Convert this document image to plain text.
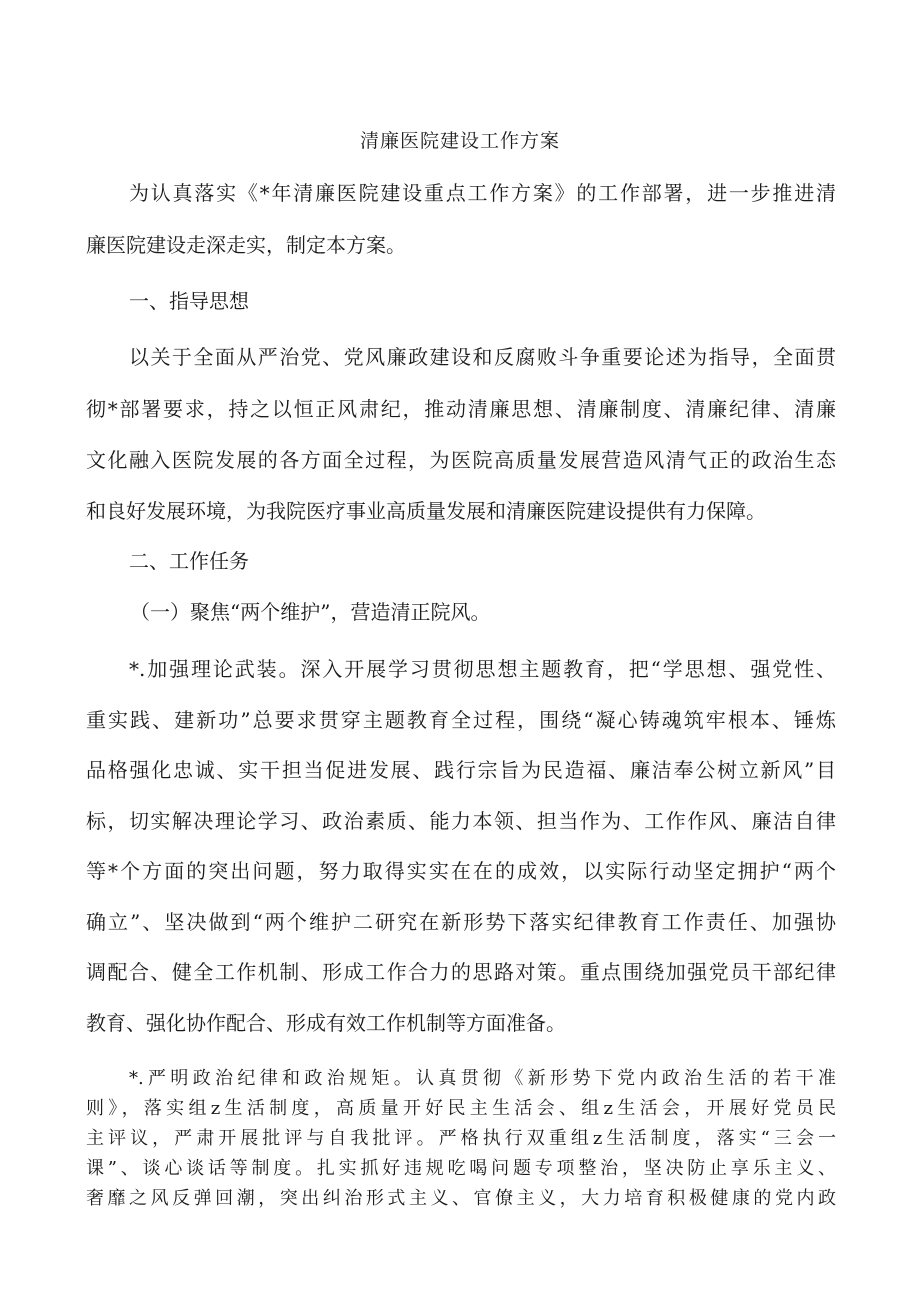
清廉医院建设工作方案
为认真落实《*年清廉医院建设重点工作方案》的工作部署，进一步推进清
廉医院建设走深走实，制定本方案。
一、指导思想
以关于全面从严治党、党风廉政建设和反腐败斗争重要论述为指导，全面贯
彻*部署要求，持之以恒正风肃纪，推动清廉思想、清廉制度、清廉纪律、清廉
文化融入医院发展的各方面全过程，为医院高质量发展营造风清气正的政治生态
和良好发展环境，为我院医疗事业高质量发展和清廉医院建设提供有力保障。
二、工作任务
（一）聚焦“两个维护”，营造清正院风。
*.加强理论武装。深入开展学习贯彻思想主题教育，把“学思想、强党性、
重实践、建新功”总要求贯穿主题教育全过程，围绕“凝心铸魂筑牢根本、锤炼
品格强化忠诚、实干担当促进发展、践行宗旨为民造福、廉洁奉公树立新风”目
标，切实解决理论学习、政治素质、能力本领、担当作为、工作作风、廉洁自律
等*个方面的突出问题，努力取得实实在在的成效，以实际行动坚定拥护“两个
确立”、坚决做到“两个维护二研究在新形势下落实纪律教育工作责任、加强协
调配合、健全工作机制、形成工作合力的思路对策。重点围绕加强党员干部纪律
教育、强化协作配合、形成有效工作机制等方面准备。
*.严明政治纪律和政治规矩。认真贯彻《新形势下党内政治生活的若干准
则》，落实组z生活制度，高质量开好民主生活会、组z生活会，开展好党员民
主评议，严肃开展批评与自我批评。严格执行双重组z生活制度，落实“三会一
课”、谈心谈话等制度。扎实抓好违规吃喝问题专项整治，坚决防止享乐主义、
奢靡之风反弹回潮，突出纠治形式主义、官僚主义，大力培育积极健康的党内政
